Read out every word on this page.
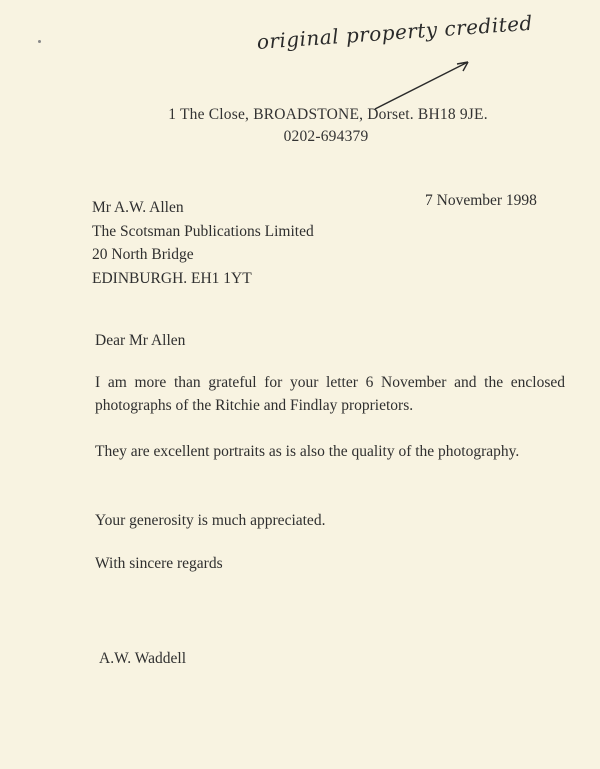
original property credited
1 The Close, BROADSTONE, Dorset. BH18 9JE.
0202-694379
Mr A.W. Allen
The Scotsman Publications Limited
20 North Bridge
EDINBURGH. EH1 1YT
7 November 1998
Dear Mr Allen
I am more than grateful for your letter 6 November and the enclosed photographs of the Ritchie and Findlay proprietors.
They are excellent portraits as is also the quality of the photography.
Your generosity is much appreciated.
With sincere regards
A.W. Waddell
